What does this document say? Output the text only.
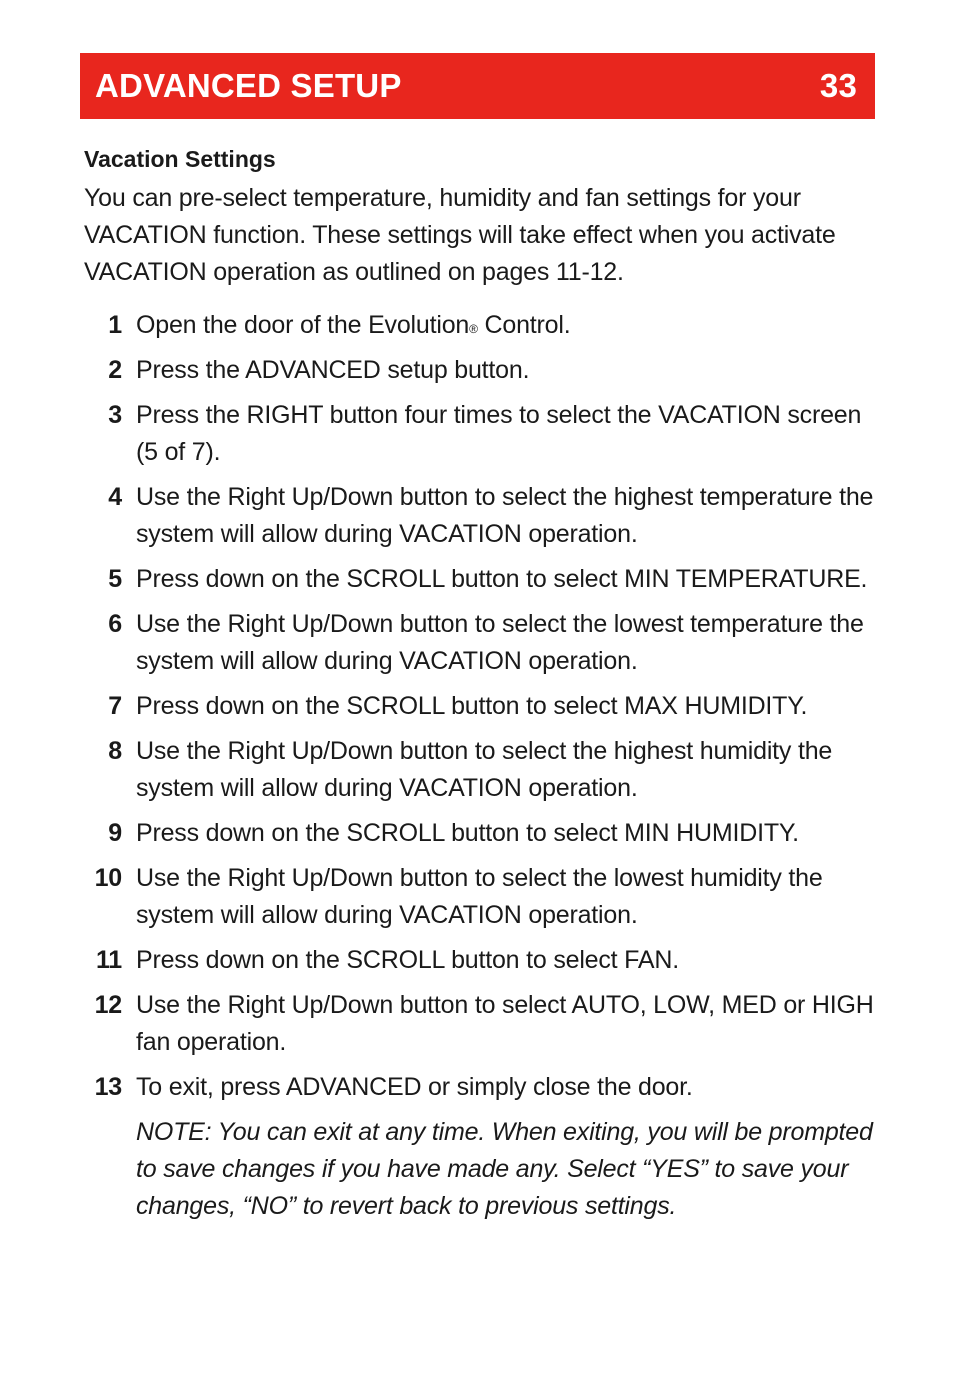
ADVANCED SETUP	33
Vacation Settings

You can pre-select temperature, humidity and fan settings for your VACATION function. These settings will take effect when you activate VACATION operation as outlined on pages 11-12.

1 Open the door of the Evolution® Control.
2 Press the ADVANCED setup button.
3 Press the RIGHT button four times to select the VACATION screen (5 of 7).
4 Use the Right Up/Down button to select the highest temperature the system will allow during VACATION operation.
5 Press down on the SCROLL button to select MIN TEMPERATURE.
6 Use the Right Up/Down button to select the lowest temperature the system will allow during VACATION operation.
7 Press down on the SCROLL button to select MAX HUMIDITY.
8 Use the Right Up/Down button to select the highest humidity the system will allow during VACATION operation.
9 Press down on the SCROLL button to select MIN HUMIDITY.
10 Use the Right Up/Down button to select the lowest humidity the system will allow during VACATION operation.
11 Press down on the SCROLL button to select FAN.
12 Use the Right Up/Down button to select AUTO, LOW, MED or HIGH fan operation.
13 To exit, press ADVANCED or simply close the door.

NOTE: You can exit at any time. When exiting, you will be prompted to save changes if you have made any. Select “YES” to save your changes, “NO” to revert back to previous settings.
